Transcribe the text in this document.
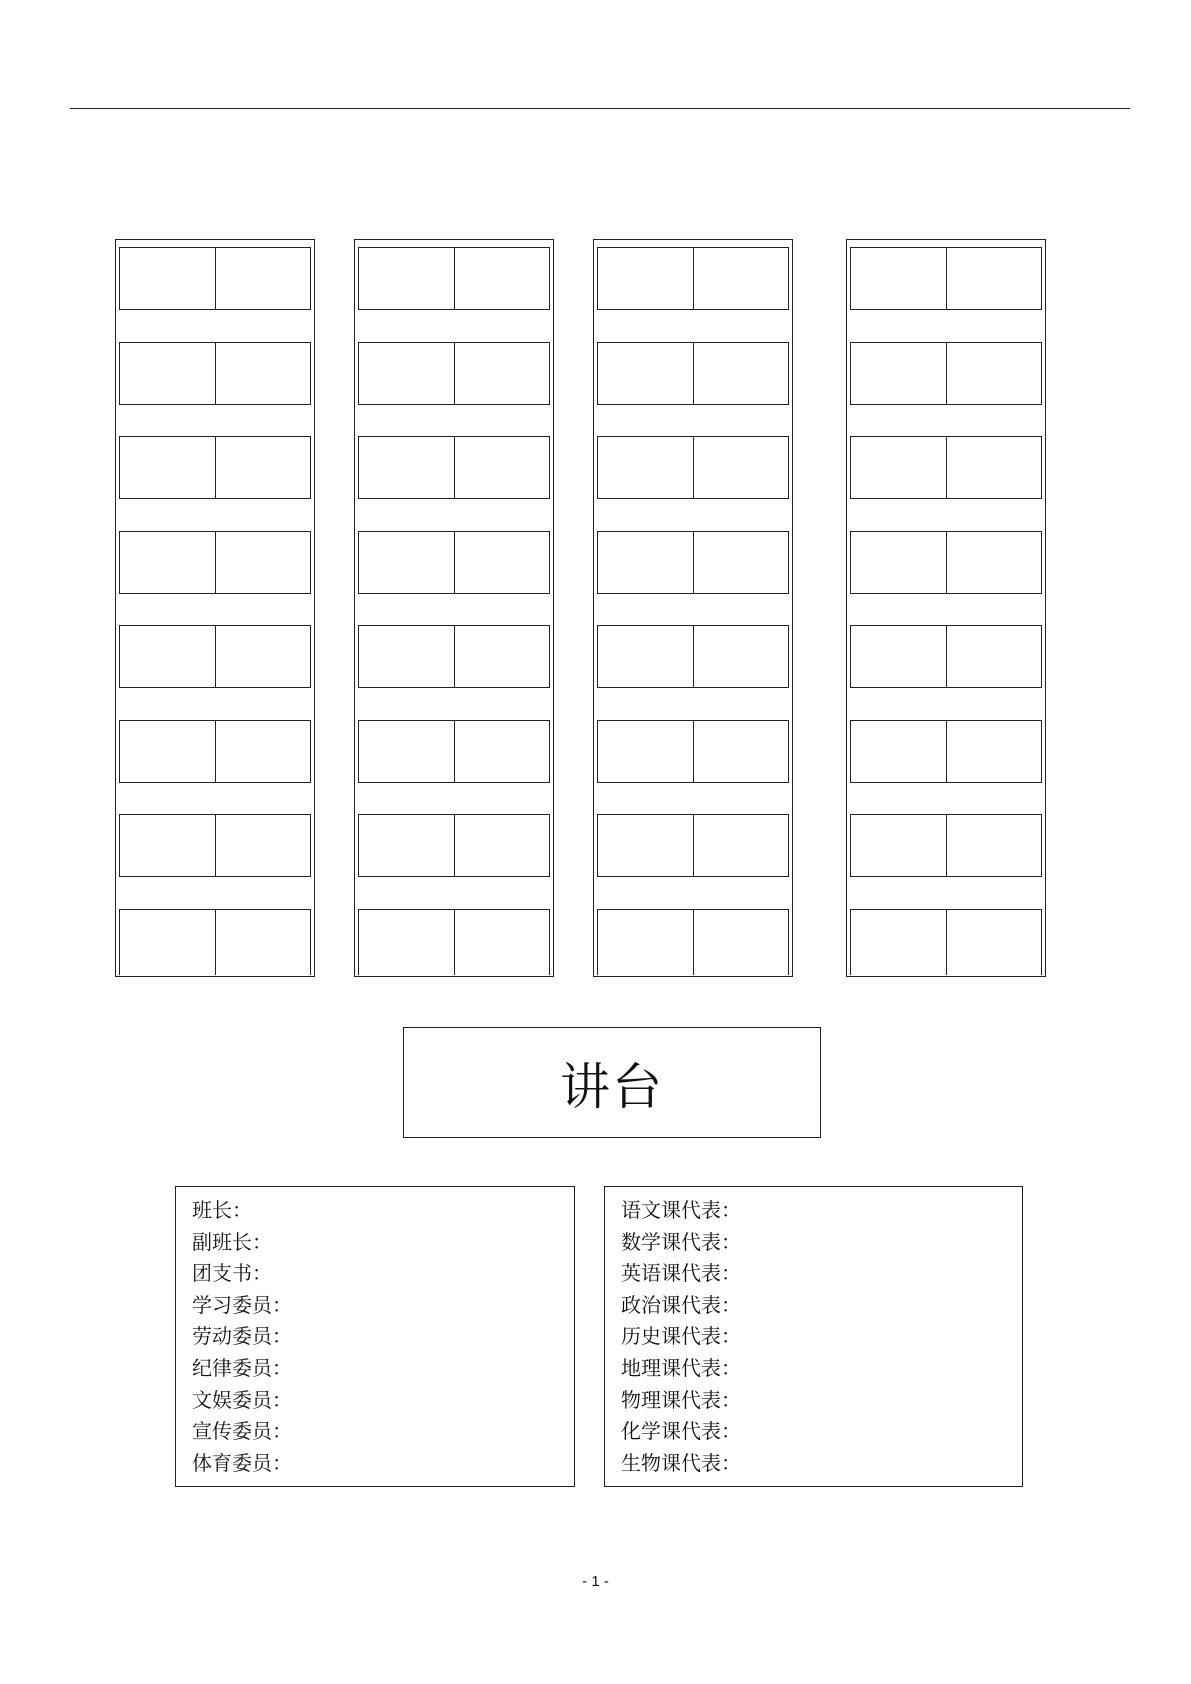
讲台
班长：
副班长：
团支书：
学习委员：
劳动委员：
纪律委员：
文娱委员：
宣传委员：
体育委员：
语文课代表：
数学课代表：
英语课代表：
政治课代表：
历史课代表：
地理课代表：
物理课代表：
化学课代表：
生物课代表：
- 1 -
